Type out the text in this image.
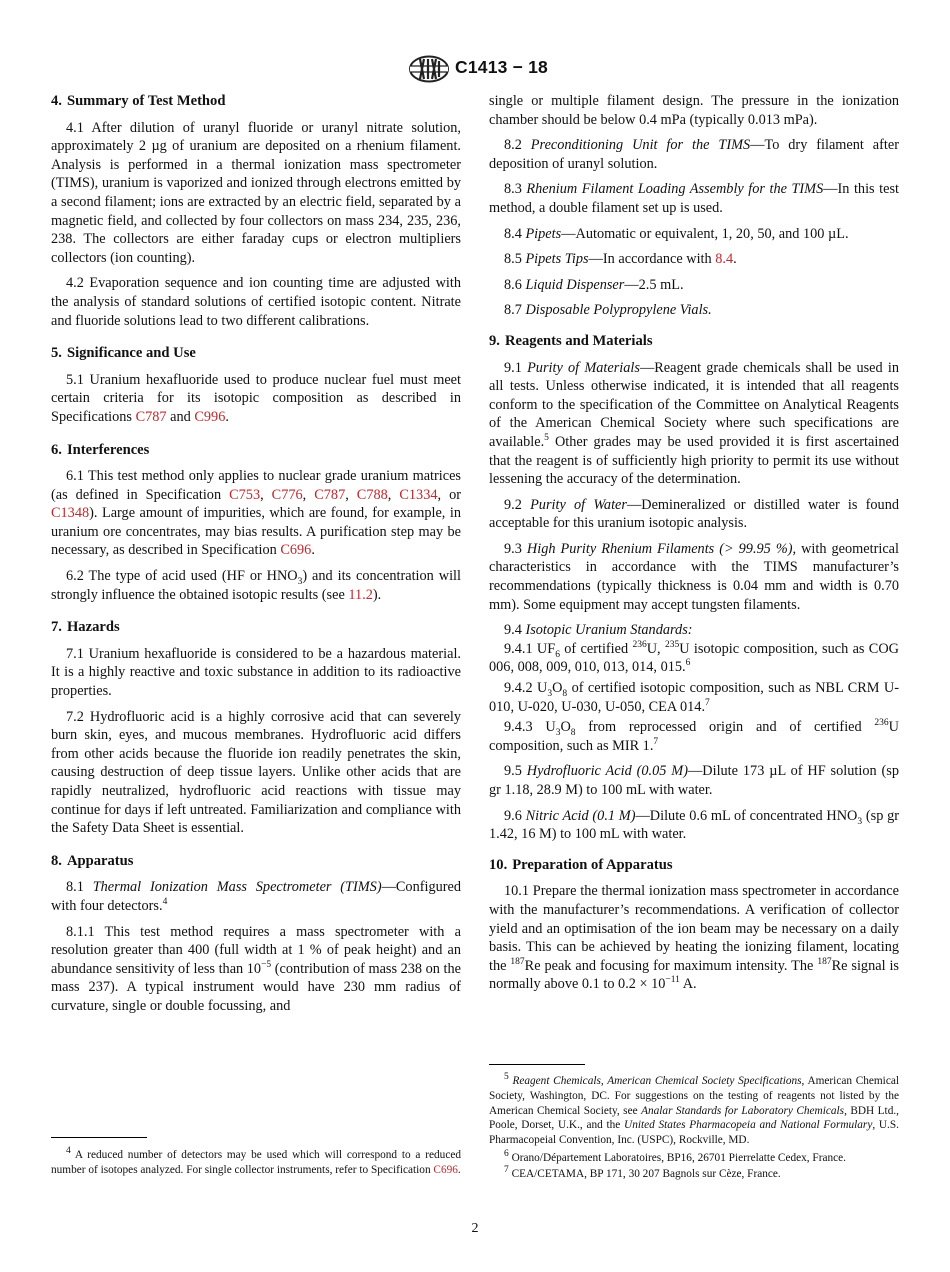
C1413 − 18
4. Summary of Test Method

4.1 After dilution of uranyl fluoride or uranyl nitrate solution, approximately 2 µg of uranium are deposited on a rhenium filament. Analysis is performed in a thermal ionization mass spectrometer (TIMS), uranium is vaporized and ionized through electrons emitted by a second filament; ions are extracted by an electric field, separated by a magnetic field, and collected by four collectors on mass 234, 235, 236, 238. The collectors are either faraday cups or electron multipliers collectors (ion counting).

4.2 Evaporation sequence and ion counting time are adjusted with the analysis of standard solutions of certified isotopic content. Nitrate and fluoride solutions lead to two different calibrations.

5. Significance and Use

5.1 Uranium hexafluoride used to produce nuclear fuel must meet certain criteria for its isotopic composition as described in Specifications C787 and C996.

6. Interferences

6.1 This test method only applies to nuclear grade uranium matrices (as defined in Specification C753, C776, C787, C788, C1334, or C1348). Large amount of impurities, which are found, for example, in uranium ore concentrates, may bias results. A purification step may be necessary, as described in Specification C696.

6.2 The type of acid used (HF or $HNO_3$) and its concentration will strongly influence the obtained isotopic results (see 11.2).

7. Hazards

7.1 Uranium hexafluoride is considered to be a hazardous material. It is a highly reactive and toxic substance in addition to its radioactive properties.

7.2 Hydrofluoric acid is a highly corrosive acid that can severely burn skin, eyes, and mucous membranes. Hydrofluoric acid differs from other acids because the fluoride ion readily penetrates the skin, causing destruction of deep tissue layers. Unlike other acids that are rapidly neutralized, hydrofluoric acid reactions with tissue may continue for days if left untreated. Familiarization and compliance with the Safety Data Sheet is essential.

8. Apparatus

8.1 Thermal Ionization Mass Spectrometer (TIMS)—Configured with four detectors.$^4$

8.1.1 This test method requires a mass spectrometer with a resolution greater than 400 (full width at 1 % of peak height) and an abundance sensitivity of less than $10^{-5}$ (contribution of mass 238 on the mass 237). A typical instrument would have 230 mm radius of curvature, single or double focussing, and

$^4$ A reduced number of detectors may be used which will correspond to a reduced number of isotopes analyzed. For single collector instruments, refer to Specification C696.

single or multiple filament design. The pressure in the ionization chamber should be below 0.4 mPa (typically 0.013 mPa).

8.2 Preconditioning Unit for the TIMS—To dry filament after deposition of uranyl solution.

8.3 Rhenium Filament Loading Assembly for the TIMS—In this test method, a double filament set up is used.

8.4 Pipets—Automatic or equivalent, 1, 20, 50, and 100 µL.

8.5 Pipets Tips—In accordance with 8.4.

8.6 Liquid Dispenser—2.5 mL.

8.7 Disposable Polypropylene Vials.

9. Reagents and Materials

9.1 Purity of Materials—Reagent grade chemicals shall be used in all tests. Unless otherwise indicated, it is intended that all reagents conform to the specification of the Committee on Analytical Reagents of the American Chemical Society where such specifications are available.$^5$ Other grades may be used provided it is first ascertained that the reagent is of sufficiently high priority to permit its use without lessening the accuracy of the determination.

9.2 Purity of Water—Demineralized or distilled water is found acceptable for this uranium isotopic analysis.

9.3 High Purity Rhenium Filaments (> 99.95 %), with geometrical characteristics in accordance with the TIMS manufacturer’s recommendations (typically thickness is 0.04 mm and width is 0.70 mm). Some equipment may accept tungsten filaments.

9.4 Isotopic Uranium Standards:

9.4.1 $UF_6$ of certified $^{236}$U, $^{235}$U isotopic composition, such as COG 006, 008, 009, 010, 013, 014, 015.$^6$

9.4.2 $U_3O_8$ of certified isotopic composition, such as NBL CRM U-010, U-020, U-030, U-050, CEA 014.$^7$

9.4.3 $U_3O_8$ from reprocessed origin and of certified $^{236}$U composition, such as MIR 1.$^7$

9.5 Hydrofluoric Acid (0.05 M)—Dilute 173 µL of HF solution (sp gr 1.18, 28.9 M) to 100 mL with water.

9.6 Nitric Acid (0.1 M)—Dilute 0.6 mL of concentrated $HNO_3$ (sp gr 1.42, 16 M) to 100 mL with water.

10. Preparation of Apparatus

10.1 Prepare the thermal ionization mass spectrometer in accordance with the manufacturer’s recommendations. A verification of collector yield and an optimisation of the ion beam may be necessary on a daily basis. This can be achieved by heating the ionizing filament, locating the $^{187}$Re peak and focusing for maximum intensity. The $^{187}$Re signal is normally above 0.1 to $0.2 \times 10^{-11}$ A.

$^5$ Reagent Chemicals, American Chemical Society Specifications, American Chemical Society, Washington, DC. For suggestions on the testing of reagents not listed by the American Chemical Society, see Analar Standards for Laboratory Chemicals, BDH Ltd., Poole, Dorset, U.K., and the United States Pharmacopeia and National Formulary, U.S. Pharmacopeial Convention, Inc. (USPC), Rockville, MD.

$^6$ Orano/Département Laboratoires, BP16, 26701 Pierrelatte Cedex, France.

$^7$ CEA/CETAMA, BP 171, 30 207 Bagnols sur Cèze, France.

2
